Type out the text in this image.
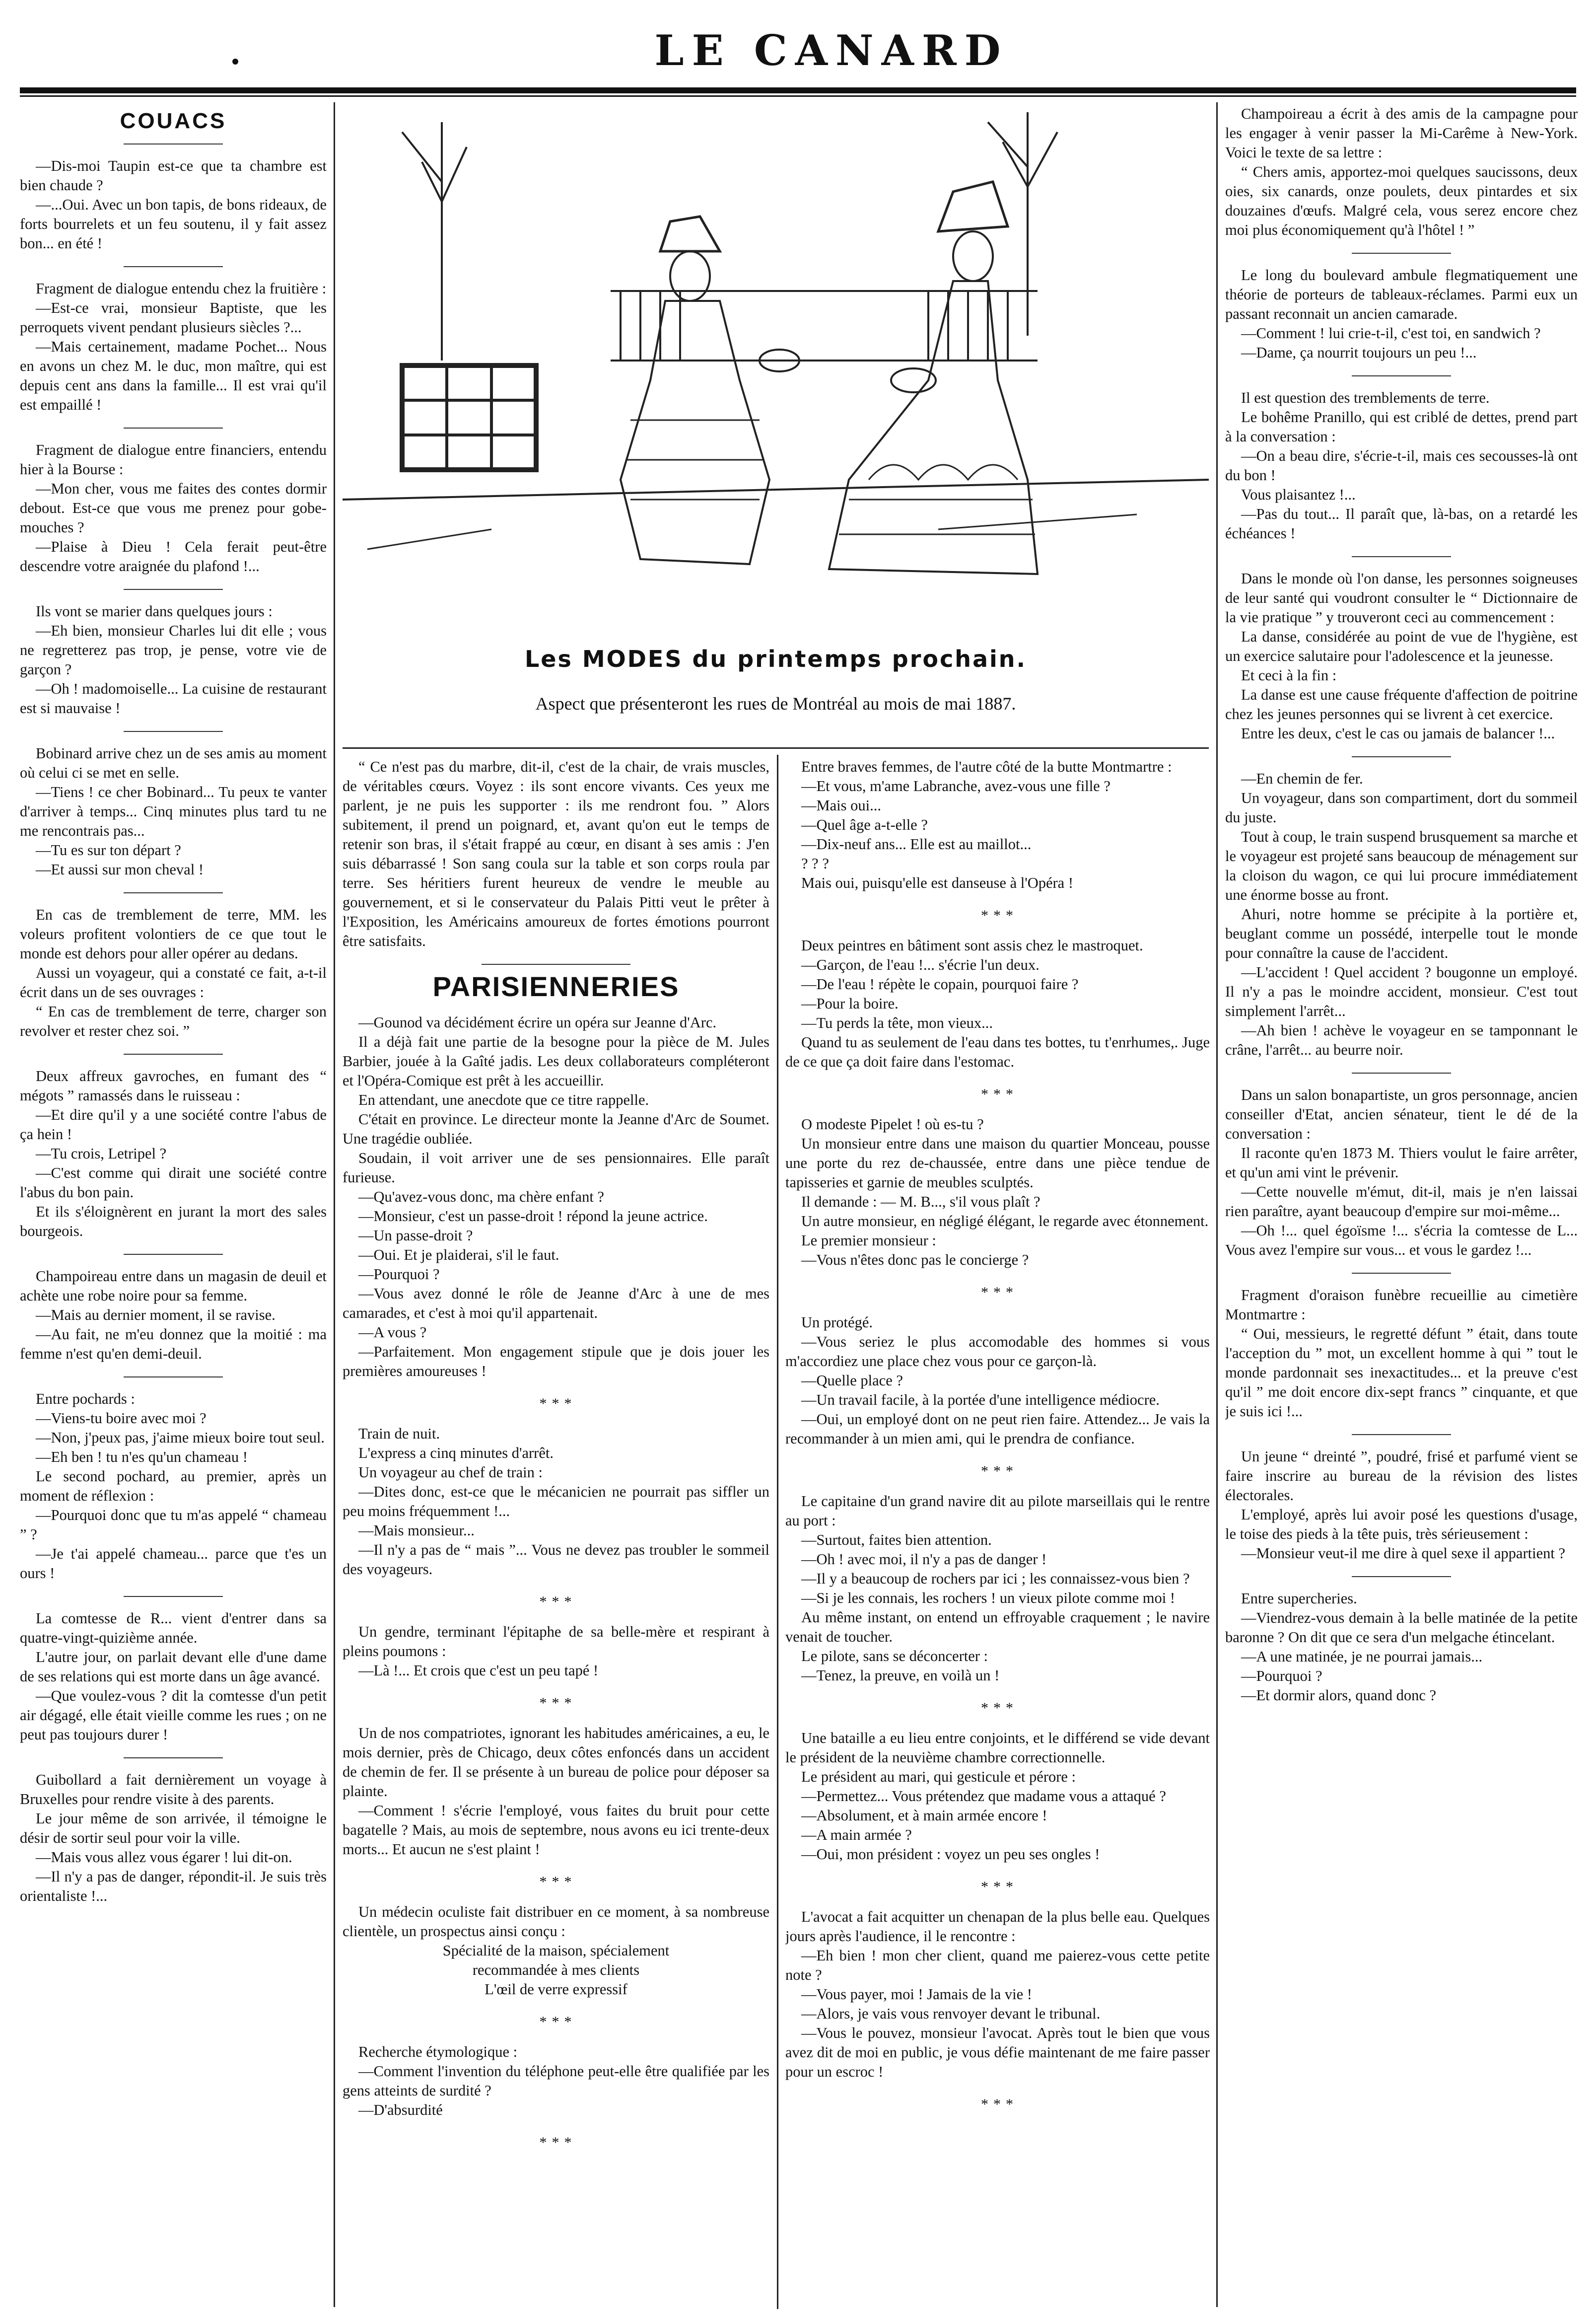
LE CANARD
COUACS

—Dis-moi Taupin est-ce que ta chambre est bien chaude ?

—...Oui. Avec un bon tapis, de bons rideaux, de forts bourrelets et un feu soutenu, il y fait assez bon... en été !

Fragment de dialogue entendu chez la fruitière :

—Est-ce vrai, monsieur Baptiste, que les perroquets vivent pendant plusieurs siècles ?...

—Mais certainement, madame Pochet... Nous en avons un chez M. le duc, mon maître, qui est depuis cent ans dans la famille... Il est vrai qu'il est empaillé !

Fragment de dialogue entre financiers, entendu hier à la Bourse :

—Mon cher, vous me faites des contes dormir debout. Est-ce que vous me prenez pour gobe-mouches ?

—Plaise à Dieu ! Cela ferait peut-être descendre votre araignée du plafond !...

Ils vont se marier dans quelques jours :

—Eh bien, monsieur Charles lui dit elle ; vous ne regretterez pas trop, je pense, votre vie de garçon ?

—Oh ! madomoiselle... La cuisine de restaurant est si mauvaise !

Bobinard arrive chez un de ses amis au moment où celui ci se met en selle.

—Tiens ! ce cher Bobinard... Tu peux te vanter d'arriver à temps... Cinq minutes plus tard tu ne me rencontrais pas...

—Tu es sur ton départ ?

—Et aussi sur mon cheval !

En cas de tremblement de terre, MM. les voleurs profitent volontiers de ce que tout le monde est dehors pour aller opérer au dedans.

Aussi un voyageur, qui a constaté ce fait, a-t-il écrit dans un de ses ouvrages :

“ En cas de tremblement de terre, charger son revolver et rester chez soi. ”

Deux affreux gavroches, en fumant des “ mégots ” ramassés dans le ruisseau :

—Et dire qu'il y a une société contre l'abus de ça hein !

—Tu crois, Letripel ?

—C'est comme qui dirait une société contre l'abus du bon pain.

Et ils s'éloignèrent en jurant la mort des sales bourgeois.

Champoireau entre dans un magasin de deuil et achète une robe noire pour sa femme.

—Mais au dernier moment, il se ravise.

—Au fait, ne m'eu donnez que la moitié : ma femme n'est qu'en demi-deuil.

Entre pochards :

—Viens-tu boire avec moi ?

—Non, j'peux pas, j'aime mieux boire tout seul.

—Eh ben ! tu n'es qu'un chameau !

Le second pochard, au premier, après un moment de réflexion :

—Pourquoi donc que tu m'as appelé “ chameau ” ?

—Je t'ai appelé chameau... parce que t'es un ours !

La comtesse de R... vient d'entrer dans sa quatre-vingt-quizième année.

L'autre jour, on parlait devant elle d'une dame de ses relations qui est morte dans un âge avancé.

—Que voulez-vous ? dit la comtesse d'un petit air dégagé, elle était vieille comme les rues ; on ne peut pas toujours durer !

Guibollard a fait dernièrement un voyage à Bruxelles pour rendre visite à des parents.

Le jour même de son arrivée, il témoigne le désir de sortir seul pour voir la ville.

—Mais vous allez vous égarer ! lui dit-on.

—Il n'y a pas de danger, répondit-il. Je suis très orientaliste !...

Les MODES du printemps prochain.
Aspect que présenteront les rues de Montréal au mois de mai 1887.

“ Ce n'est pas du marbre, dit-il, c'est de la chair, de vrais muscles, de véritables cœurs. Voyez : ils sont encore vivants. Ces yeux me parlent, je ne puis les supporter : ils me rendront fou. ” Alors subitement, il prend un poignard, et, avant qu'on eut le temps de retenir son bras, il s'était frappé au cœur, en disant à ses amis : J'en suis débarrassé ! Son sang coula sur la table et son corps roula par terre. Ses héritiers furent heureux de vendre le meuble au gouvernement, et si le conservateur du Palais Pitti veut le prêter à l'Exposition, les Américains amoureux de fortes émotions pourront être satisfaits.

PARISIENNERIES

—Gounod va décidément écrire un opéra sur Jeanne d'Arc.

Il a déjà fait une partie de la besogne pour la pièce de M. Jules Barbier, jouée à la Gaîté jadis. Les deux collaborateurs compléteront et l'Opéra-Comique est prêt à les accueillir.

En attendant, une anecdote que ce titre rappelle.

C'était en province. Le directeur monte la Jeanne d'Arc de Soumet. Une tragédie oubliée.

Soudain, il voit arriver une de ses pensionnaires. Elle paraît furieuse.

—Qu'avez-vous donc, ma chère enfant ?

—Monsieur, c'est un passe-droit ! répond la jeune actrice.

—Un passe-droit ?

—Oui. Et je plaiderai, s'il le faut.

—Pourquoi ?

—Vous avez donné le rôle de Jeanne d'Arc à une de mes camarades, et c'est à moi qu'il appartenait.

—A vous ?

—Parfaitement. Mon engagement stipule que je dois jouer les premières amoureuses !

* * *

Train de nuit.

L'express a cinq minutes d'arrêt.

Un voyageur au chef de train :

—Dites donc, est-ce que le mécanicien ne pourrait pas siffler un peu moins fréquemment !...

—Mais monsieur...

—Il n'y a pas de “ mais ”... Vous ne devez pas troubler le sommeil des voyageurs.

* * *

Un gendre, terminant l'épitaphe de sa belle-mère et respirant à pleins poumons :

—Là !... Et crois que c'est un peu tapé !

* * *

Un de nos compatriotes, ignorant les habitudes américaines, a eu, le mois dernier, près de Chicago, deux côtes enfoncés dans un accident de chemin de fer. Il se présente à un bureau de police pour déposer sa plainte.

—Comment ! s'écrie l'employé, vous faites du bruit pour cette bagatelle ? Mais, au mois de septembre, nous avons eu ici trente-deux morts... Et aucun ne s'est plaint !

* * *

Un médecin oculiste fait distribuer en ce moment, à sa nombreuse clientèle, un prospectus ainsi conçu :

Spécialité de la maison, spécialement

recommandée à mes clients

L'œil de verre expressif

* * *

Recherche étymologique :

—Comment l'invention du téléphone peut-elle être qualifiée par les gens atteints de surdité ?

—D'absurdité

* * *

Entre braves femmes, de l'autre côté de la butte Montmartre :

—Et vous, m'ame Labranche, avez-vous une fille ?

—Mais oui...

—Quel âge a-t-elle ?

—Dix-neuf ans... Elle est au maillot...

? ? ?

Mais oui, puisqu'elle est danseuse à l'Opéra !

* * *

Deux peintres en bâtiment sont assis chez le mastroquet.

—Garçon, de l'eau !... s'écrie l'un deux.

—De l'eau ! répète le copain, pourquoi faire ?

—Pour la boire.

—Tu perds la tête, mon vieux...

Quand tu as seulement de l'eau dans tes bottes, tu t'enrhumes,. Juge de ce que ça doit faire dans l'estomac.

* * *

O modeste Pipelet ! où es-tu ?

Un monsieur entre dans une maison du quartier Monceau, pousse une porte du rez de-chaussée, entre dans une pièce tendue de tapisseries et garnie de meubles sculptés.

Il demande : — M. B..., s'il vous plaît ?

Un autre monsieur, en négligé élégant, le regarde avec étonnement.

Le premier monsieur :

—Vous n'êtes donc pas le concierge ?

* * *

Un protégé.

—Vous seriez le plus accomodable des hommes si vous m'accordiez une place chez vous pour ce garçon-là.

—Quelle place ?

—Un travail facile, à la portée d'une intelligence médiocre.

—Oui, un employé dont on ne peut rien faire. Attendez... Je vais la recommander à un mien ami, qui le prendra de confiance.

* * *

Le capitaine d'un grand navire dit au pilote marseillais qui le rentre au port :

—Surtout, faites bien attention.

—Oh ! avec moi, il n'y a pas de danger !

—Il y a beaucoup de rochers par ici ; les connaissez-vous bien ?

—Si je les connais, les rochers ! un vieux pilote comme moi !

Au même instant, on entend un effroyable craquement ; le navire venait de toucher.

Le pilote, sans se déconcerter :

—Tenez, la preuve, en voilà un !

* * *

Une bataille a eu lieu entre conjoints, et le différend se vide devant le président de la neuvième chambre correctionnelle.

Le président au mari, qui gesticule et pérore :

—Permettez... Vous prétendez que madame vous a attaqué ?

—Absolument, et à main armée encore !

—A main armée ?

—Oui, mon président : voyez un peu ses ongles !

* * *

L'avocat a fait acquitter un chenapan de la plus belle eau. Quelques jours après l'audience, il le rencontre :

—Eh bien ! mon cher client, quand me paierez-vous cette petite note ?

—Vous payer, moi ! Jamais de la vie !

—Alors, je vais vous renvoyer devant le tribunal.

—Vous le pouvez, monsieur l'avocat. Après tout le bien que vous avez dit de moi en public, je vous défie maintenant de me faire passer pour un escroc !

* * *

Champoireau a écrit à des amis de la campagne pour les engager à venir passer la Mi-Carême à New-York. Voici le texte de sa lettre :

“ Chers amis, apportez-moi quelques saucissons, deux oies, six canards, onze poulets, deux pintardes et six douzaines d'œufs. Malgré cela, vous serez encore chez moi plus économiquement qu'à l'hôtel ! ”

Le long du boulevard ambule flegmatiquement une théorie de porteurs de tableaux-réclames. Parmi eux un passant reconnait un ancien camarade.

—Comment ! lui crie-t-il, c'est toi, en sandwich ?

—Dame, ça nourrit toujours un peu !...

Il est question des tremblements de terre.

Le bohême Pranillo, qui est criblé de dettes, prend part à la conversation :

—On a beau dire, s'écrie-t-il, mais ces secousses-là ont du bon !

Vous plaisantez !...

—Pas du tout... Il paraît que, là-bas, on a retardé les échéances !

Dans le monde où l'on danse, les personnes soigneuses de leur santé qui voudront consulter le “ Dictionnaire de la vie pratique ” y trouveront ceci au commencement :

La danse, considérée au point de vue de l'hygiène, est un exercice salutaire pour l'adolescence et la jeunesse.

Et ceci à la fin :

La danse est une cause fréquente d'affection de poitrine chez les jeunes personnes qui se livrent à cet exercice.

Entre les deux, c'est le cas ou jamais de balancer !...

—En chemin de fer.

Un voyageur, dans son compartiment, dort du sommeil du juste.

Tout à coup, le train suspend brusquement sa marche et le voyageur est projeté sans beaucoup de ménagement sur la cloison du wagon, ce qui lui procure immédiatement une énorme bosse au front.

Ahuri, notre homme se précipite à la portière et, beuglant comme un possédé, interpelle tout le monde pour connaître la cause de l'accident.

—L'accident ! Quel accident ? bougonne un employé. Il n'y a pas le moindre accident, monsieur. C'est tout simplement l'arrêt...

—Ah bien ! achève le voyageur en se tamponnant le crâne, l'arrêt... au beurre noir.

Dans un salon bonapartiste, un gros personnage, ancien conseiller d'Etat, ancien sénateur, tient le dé de la conversation :

Il raconte qu'en 1873 M. Thiers voulut le faire arrêter, et qu'un ami vint le prévenir.

—Cette nouvelle m'émut, dit-il, mais je n'en laissai rien paraître, ayant beaucoup d'empire sur moi-même...

—Oh !... quel égoïsme !... s'écria la comtesse de L... Vous avez l'empire sur vous... et vous le gardez !...

Fragment d'oraison funèbre recueillie au cimetière Montmartre :

“ Oui, messieurs, le regretté défunt ” était, dans toute l'acception du ” mot, un excellent homme à qui ” tout le monde pardonnait ses inexactitudes... et la preuve c'est qu'il ” me doit encore dix-sept francs ” cinquante, et que je suis ici !...

Un jeune “ dreinté ”, poudré, frisé et parfumé vient se faire inscrire au bureau de la révision des listes électorales.

L'employé, après lui avoir posé les questions d'usage, le toise des pieds à la tête puis, très sérieusement :

—Monsieur veut-il me dire à quel sexe il appartient ?

Entre supercheries.

—Viendrez-vous demain à la belle matinée de la petite baronne ? On dit que ce sera d'un melgache étincelant.

—A une matinée, je ne pourrai jamais...

—Pourquoi ?

—Et dormir alors, quand donc ?
